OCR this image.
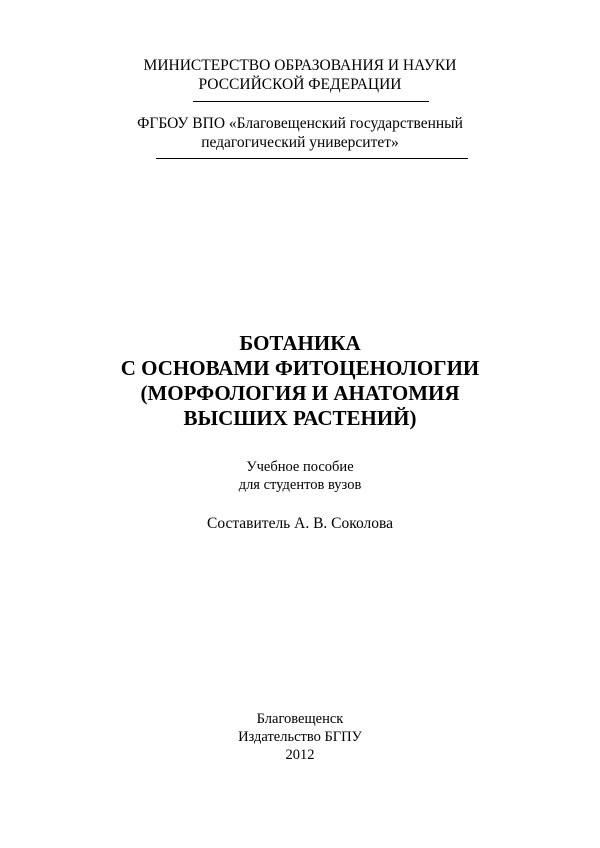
МИНИСТЕРСТВО ОБРАЗОВАНИЯ И НАУКИ
РОССИЙСКОЙ ФЕДЕРАЦИИ
ФГБОУ ВПО «Благовещенский государственный
педагогический университет»
БОТАНИКА
С ОСНОВАМИ ФИТОЦЕНОЛОГИИ
(МОРФОЛОГИЯ И АНАТОМИЯ
ВЫСШИХ РАСТЕНИЙ)
Учебное пособие
для студентов вузов
Составитель А. В. Соколова
Благовещенск
Издательство БГПУ
2012
